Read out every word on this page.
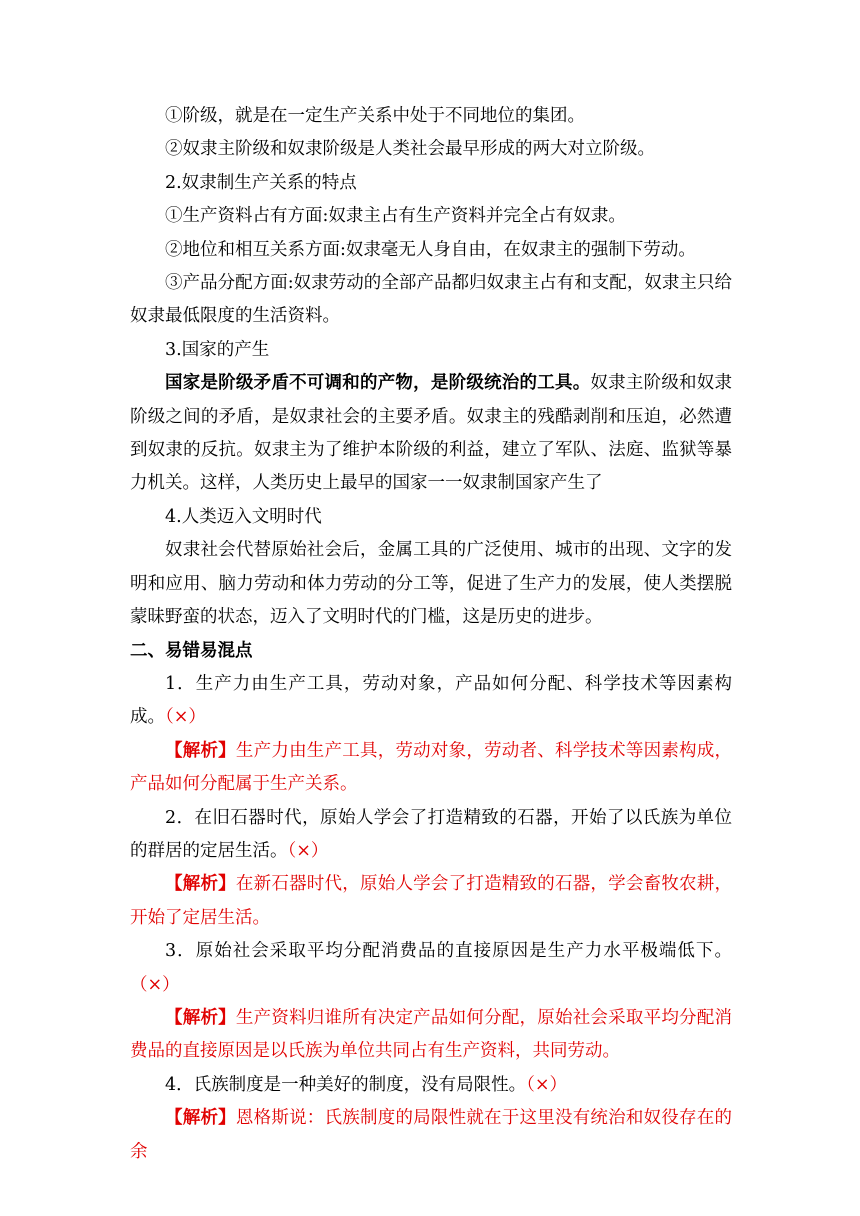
①阶级，就是在一定生产关系中处于不同地位的集团。

②奴隶主阶级和奴隶阶级是人类社会最早形成的两大对立阶级。

2.奴隶制生产关系的特点

①生产资料占有方面:奴隶主占有生产资料并完全占有奴隶。

②地位和相互关系方面:奴隶毫无人身自由，在奴隶主的强制下劳动。

③产品分配方面:奴隶劳动的全部产品都归奴隶主占有和支配，奴隶主只给奴隶最低限度的生活资料。

3.国家的产生

国家是阶级矛盾不可调和的产物，是阶级统治的工具。奴隶主阶级和奴隶阶级之间的矛盾，是奴隶社会的主要矛盾。奴隶主的残酷剥削和压迫，必然遭到奴隶的反抗。奴隶主为了维护本阶级的利益，建立了军队、法庭、监狱等暴力机关。这样，人类历史上最早的国家一一奴隶制国家产生了

4.人类迈入文明时代

奴隶社会代替原始社会后，金属工具的广泛使用、城市的出现、文字的发明和应用、脑力劳动和体力劳动的分工等，促进了生产力的发展，使人类摆脱蒙昧野蛮的状态，迈入了文明时代的门槛，这是历史的进步。

二、易错易混点

1．生产力由生产工具，劳动对象，产品如何分配、科学技术等因素构成。（×）

【解析】生产力由生产工具，劳动对象，劳动者、科学技术等因素构成，产品如何分配属于生产关系。

2．在旧石器时代，原始人学会了打造精致的石器，开始了以氏族为单位的群居的定居生活。（×）

【解析】在新石器时代，原始人学会了打造精致的石器，学会畜牧农耕，开始了定居生活。

3．原始社会采取平均分配消费品的直接原因是生产力水平极端低下。（×）

【解析】生产资料归谁所有决定产品如何分配，原始社会采取平均分配消费品的直接原因是以氏族为单位共同占有生产资料，共同劳动。

4．氏族制度是一种美好的制度，没有局限性。（×）

【解析】恩格斯说：氏族制度的局限性就在于这里没有统治和奴役存在的余
